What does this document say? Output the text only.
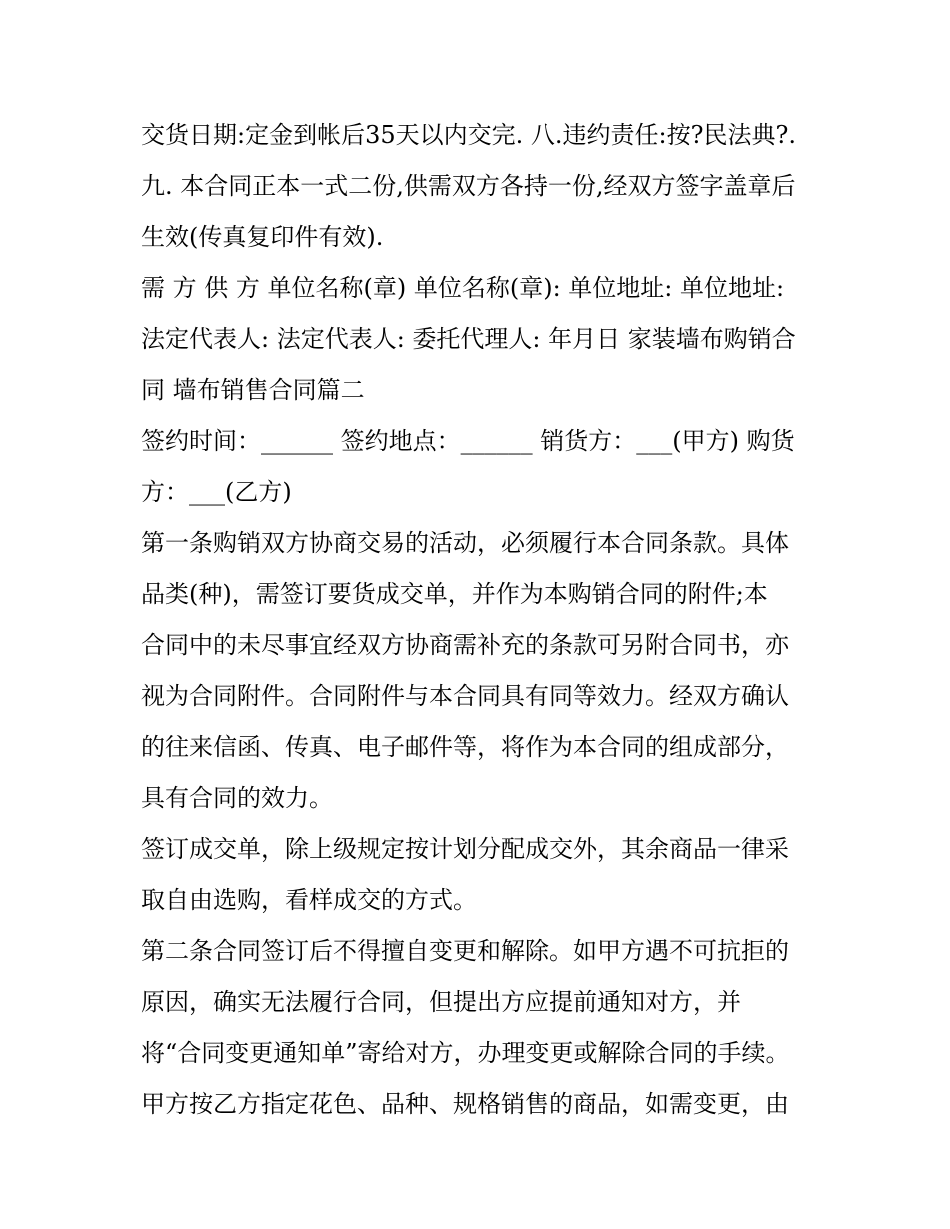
交货日期:定金到帐后35天以内交完. 八.违约责任:按?民法典?.
九. 本合同正本一式二份,供需双方各持一份,经双方签字盖章后
生效(传真复印件有效).
需 方 供 方 单位名称(章) 单位名称(章): 单位地址: 单位地址:
法定代表人: 法定代表人: 委托代理人: 年月日 家装墙布购销合
同 墙布销售合同篇二
签约时间：______ 签约地点：______ 销货方：___(甲方) 购货
方：___(乙方)
第一条购销双方协商交易的活动，必须履行本合同条款。具体
品类(种)，需签订要货成交单，并作为本购销合同的附件;本
合同中的未尽事宜经双方协商需补充的条款可另附合同书，亦
视为合同附件。合同附件与本合同具有同等效力。经双方确认
的往来信函、传真、电子邮件等，将作为本合同的组成部分，
具有合同的效力。
签订成交单，除上级规定按计划分配成交外，其余商品一律采
取自由选购，看样成交的方式。
第二条合同签订后不得擅自变更和解除。如甲方遇不可抗拒的
原因，确实无法履行合同，但提出方应提前通知对方，并
将“合同变更通知单”寄给对方，办理变更或解除合同的手续。
甲方按乙方指定花色、品种、规格销售的商品，如需变更，由
